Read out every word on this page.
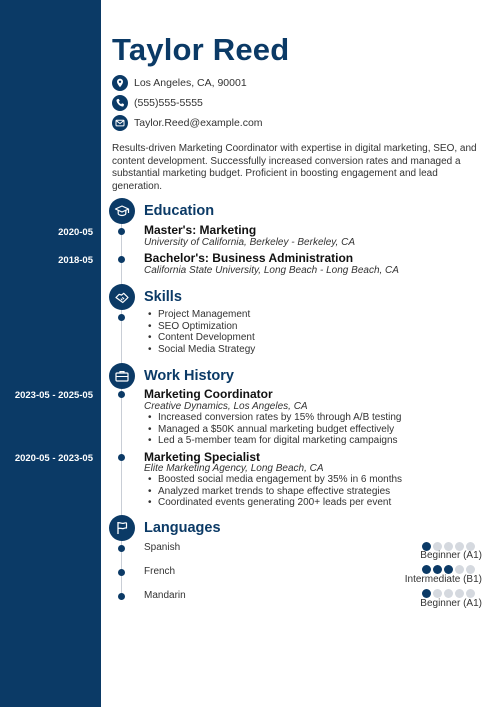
Taylor Reed
Los Angeles, CA, 90001
(555)555-5555
Taylor.Reed@example.com

Results-driven Marketing Coordinator with expertise in digital marketing, SEO, and content development. Successfully increased conversion rates and managed a substantial marketing budget. Proficient in boosting engagement and lead generation.

Education
2020-05	Master's: Marketing
University of California, Berkeley - Berkeley, CA
2018-05	Bachelor's: Business Administration
California State University, Long Beach - Long Beach, CA
Skills
• Project Management
• SEO Optimization
• Content Development
• Social Media Strategy
Work History
2023-05 - 2025-05	Marketing Coordinator
Creative Dynamics, Los Angeles, CA
• Increased conversion rates by 15% through A/B testing
• Managed a $50K annual marketing budget effectively
• Led a 5-member team for digital marketing campaigns
2020-05 - 2023-05	Marketing Specialist
Elite Marketing Agency, Long Beach, CA
• Boosted social media engagement by 35% in 6 months
• Analyzed market trends to shape effective strategies
• Coordinated events generating 200+ leads per event
Languages
Spanish
Beginner (A1)
French
Intermediate (B1)
Mandarin
Beginner (A1)
